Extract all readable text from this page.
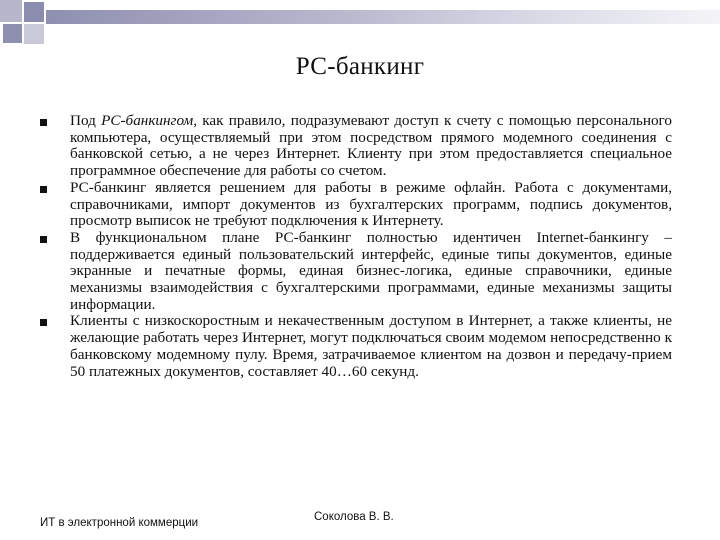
РС-банкинг
Под РС-банкингом, как правило, подразумевают доступ к счету с помощью персонального компьютера, осуществляемый при этом посредством прямого модемного соединения с банковской сетью, а не через Интернет. Клиенту при этом предоставляется специальное программное обеспечение для работы со счетом.
РС-банкинг является решением для работы в режиме офлайн. Работа с документами, справочниками, импорт документов из бухгалтерских программ, подпись документов, просмотр выписок не требуют подключения к Интернету.
В функциональном плане РС-банкинг полностью идентичен Internet-банкингу – поддерживается единый пользовательский интерфейс, единые типы документов, единые экранные и печатные формы, единая бизнес-логика, единые справочники, единые механизмы взаимодействия с бухгалтерскими программами, единые механизмы защиты информации.
Клиенты с низкоскоростным и некачественным доступом в Интернет, а также клиенты, не желающие работать через Интернет, могут подключаться своим модемом непосредственно к банковскому модемному пулу. Время, затрачиваемое клиентом на дозвон и передачу-прием 50 платежных документов, составляет 40…60 секунд.
ИТ в электронной коммерции	Соколова В. В.
